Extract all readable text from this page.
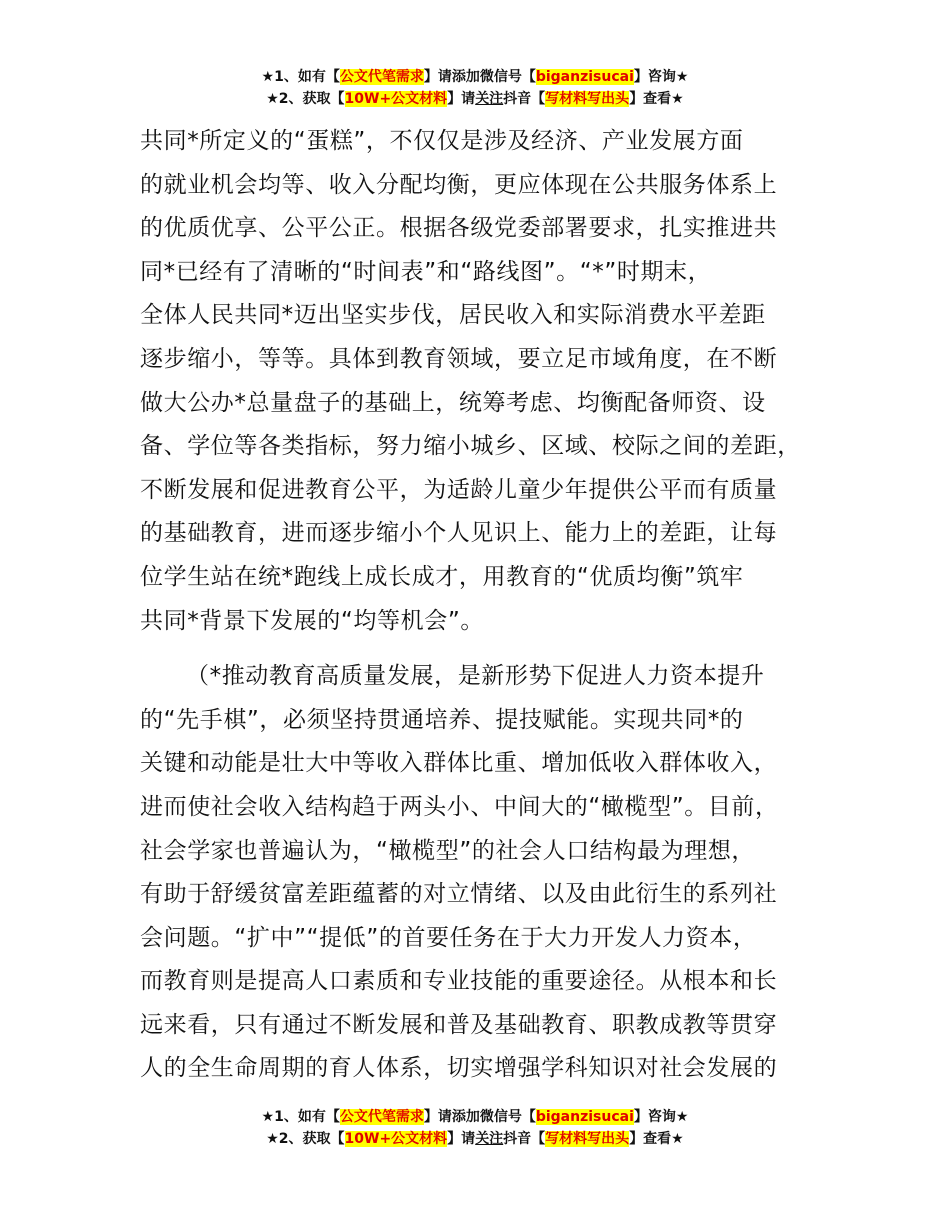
★1、如有【公文代笔需求】请添加微信号【biganzisucai】咨询★
★2、获取【10W+公文材料】请关注抖音【写材料写出头】查看★
共同*所定义的“蛋糕”，不仅仅是涉及经济、产业发展方面
的就业机会均等、收入分配均衡，更应体现在公共服务体系上
的优质优享、公平公正。根据各级党委部署要求，扎实推进共
同*已经有了清晰的“时间表”和“路线图”。“*”时期末，
全体人民共同*迈出坚实步伐，居民收入和实际消费水平差距
逐步缩小，等等。具体到教育领域，要立足市域角度，在不断
做大公办*总量盘子的基础上，统筹考虑、均衡配备师资、设
备、学位等各类指标，努力缩小城乡、区域、校际之间的差距，
不断发展和促进教育公平，为适龄儿童少年提供公平而有质量
的基础教育，进而逐步缩小个人见识上、能力上的差距，让每
位学生站在统*跑线上成长成才，用教育的“优质均衡”筑牢
共同*背景下发展的“均等机会”。
（*推动教育高质量发展，是新形势下促进人力资本提升
的“先手棋”，必须坚持贯通培养、提技赋能。实现共同*的
关键和动能是壮大中等收入群体比重、增加低收入群体收入，
进而使社会收入结构趋于两头小、中间大的“橄榄型”。目前，
社会学家也普遍认为，“橄榄型”的社会人口结构最为理想，
有助于舒缓贫富差距蕴蓄的对立情绪、以及由此衍生的系列社
会问题。“扩中”“提低”的首要任务在于大力开发人力资本，
而教育则是提高人口素质和专业技能的重要途径。从根本和长
远来看，只有通过不断发展和普及基础教育、职教成教等贯穿
人的全生命周期的育人体系，切实增强学科知识对社会发展的
★1、如有【公文代笔需求】请添加微信号【biganzisucai】咨询★
★2、获取【10W+公文材料】请关注抖音【写材料写出头】查看★
